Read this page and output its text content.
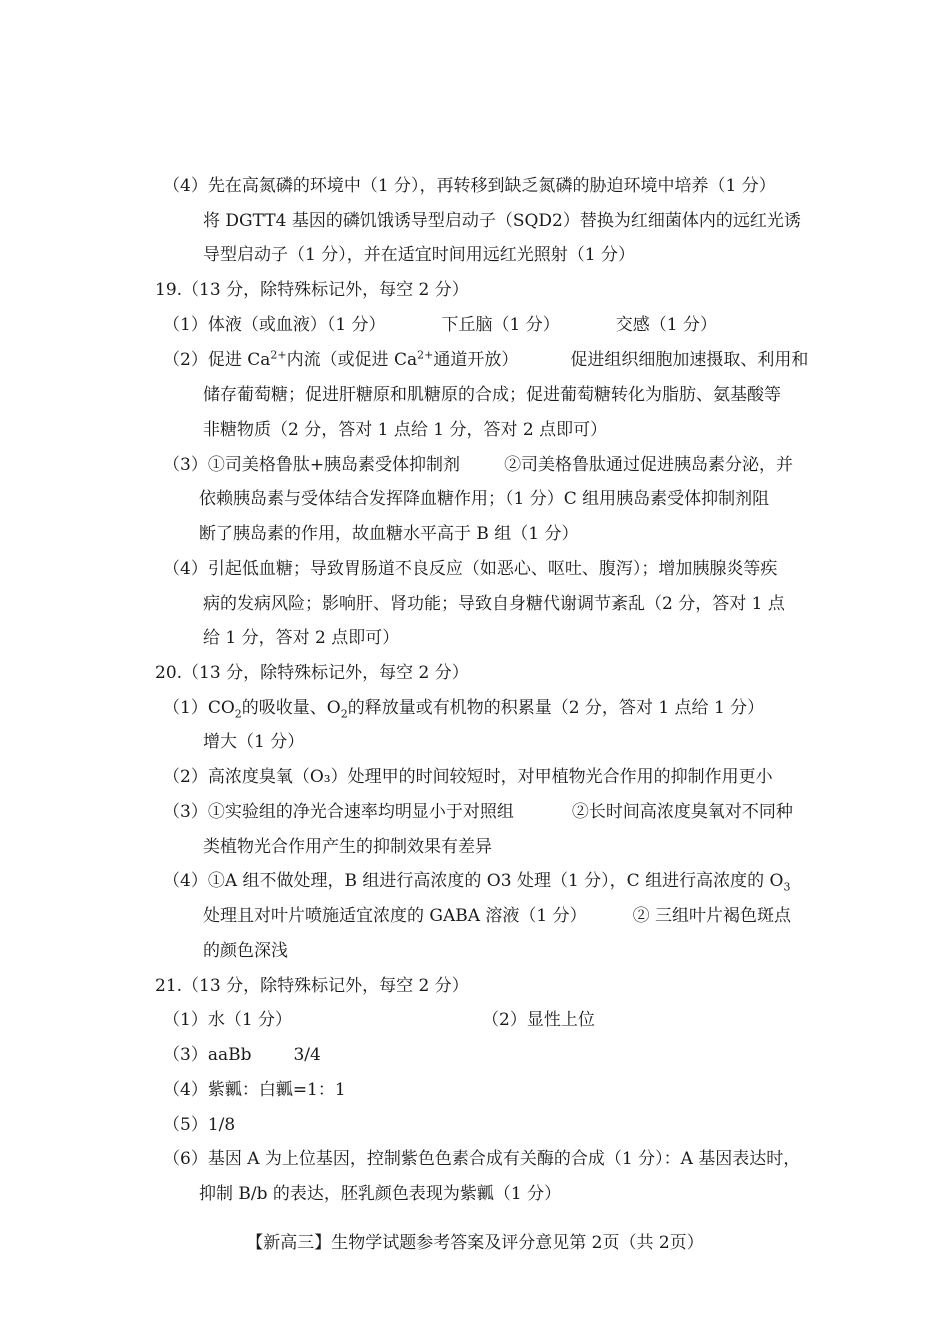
（4）先在高氮磷的环境中（1 分），再转移到缺乏氮磷的胁迫环境中培养（1 分）
将 DGTT4 基因的磷饥饿诱导型启动子（SQD2）替换为红细菌体内的远红光诱
导型启动子（1 分），并在适宜时间用远红光照射（1 分）
19.（13 分，除特殊标记外，每空 2 分）
（1）体液（或血液）（1 分）	下丘脑（1 分）	交感（1 分）
（2）促进 $Ca^{2+}$内流（或促进 $Ca^{2+}$通道开放）	促进组织细胞加速摄取、利用和
储存葡萄糖；促进肝糖原和肌糖原的合成；促进葡萄糖转化为脂肪、氨基酸等
非糖物质（2 分，答对 1 点给 1 分，答对 2 点即可）
（3）①司美格鲁肽+胰岛素受体抑制剂	②司美格鲁肽通过促进胰岛素分泌，并
依赖胰岛素与受体结合发挥降血糖作用；（1 分）C 组用胰岛素受体抑制剂阻
断了胰岛素的作用，故血糖水平高于 B 组（1 分）
（4）引起低血糖；导致胃肠道不良反应（如恶心、呕吐、腹泻）；增加胰腺炎等疾
病的发病风险；影响肝、肾功能；导致自身糖代谢调节紊乱（2 分，答对 1 点
给 1 分，答对 2 点即可）
20.（13 分，除特殊标记外，每空 2 分）
$(1)CO_2$的吸收量、$O_2$的释放量或有机物的积累量（2 分，答对 1 点给 1 分）
增大（1 分）
（2）高浓度臭氧（O₃）处理甲的时间较短时，对甲植物光合作用的抑制作用更小
（3）①实验组的净光合速率均明显小于对照组	②长时间高浓度臭氧对不同种
类植物光合作用产生的抑制效果有差异
（4）①A 组不做处理，B 组进行高浓度的 O3 处理（1 分），C 组进行高浓度的 $O_3$
处理且对叶片喷施适宜浓度的 GABA 溶液（1 分）	② 三组叶片褐色斑点
的颜色深浅
21.（13 分，除特殊标记外，每空 2 分）
（1）水（1 分）	（2）显性上位
（3）aaBb 3/4
（4）紫瓤：白瓤=1：1
（5）1/8
（6）基因 A 为上位基因，控制紫色色素合成有关酶的合成（1 分）：A 基因表达时，
抑制 B/b 的表达，胚乳颜色表现为紫瓤（1 分）
【新高三】生物学试题参考答案及评分意见第 2页（共 2页）
